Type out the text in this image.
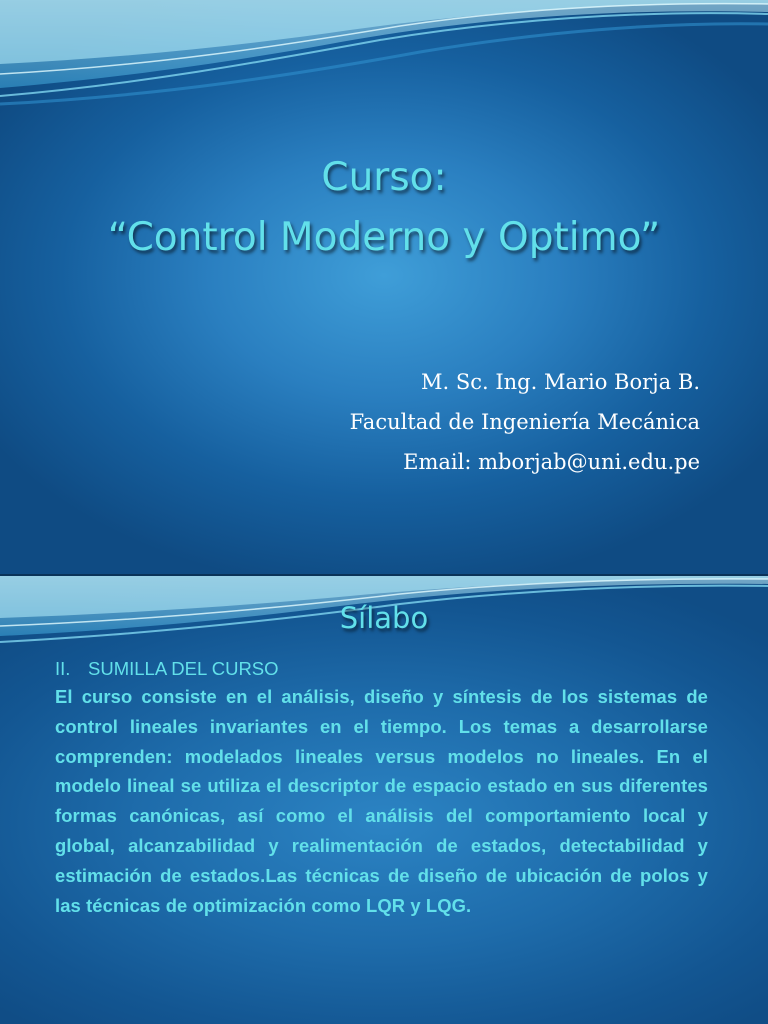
Curso:
“Control Moderno y Optimo”
M. Sc. Ing. Mario Borja B.
Facultad de Ingeniería Mecánica
Email: mborjab@uni.edu.pe
Sílabo
II. SUMILLA DEL CURSO

El curso consiste en el análisis, diseño y síntesis de los sistemas de control lineales invariantes en el tiempo. Los temas a desarrollarse comprenden: modelados lineales versus modelos no lineales. En el modelo lineal se utiliza el descriptor de espacio estado en sus diferentes formas canónicas, así como el análisis del comportamiento local y global, alcanzabilidad y realimentación de estados, detectabilidad y estimación de estados.Las técnicas de diseño de ubicación de polos y las técnicas de optimización como LQR y LQG.
